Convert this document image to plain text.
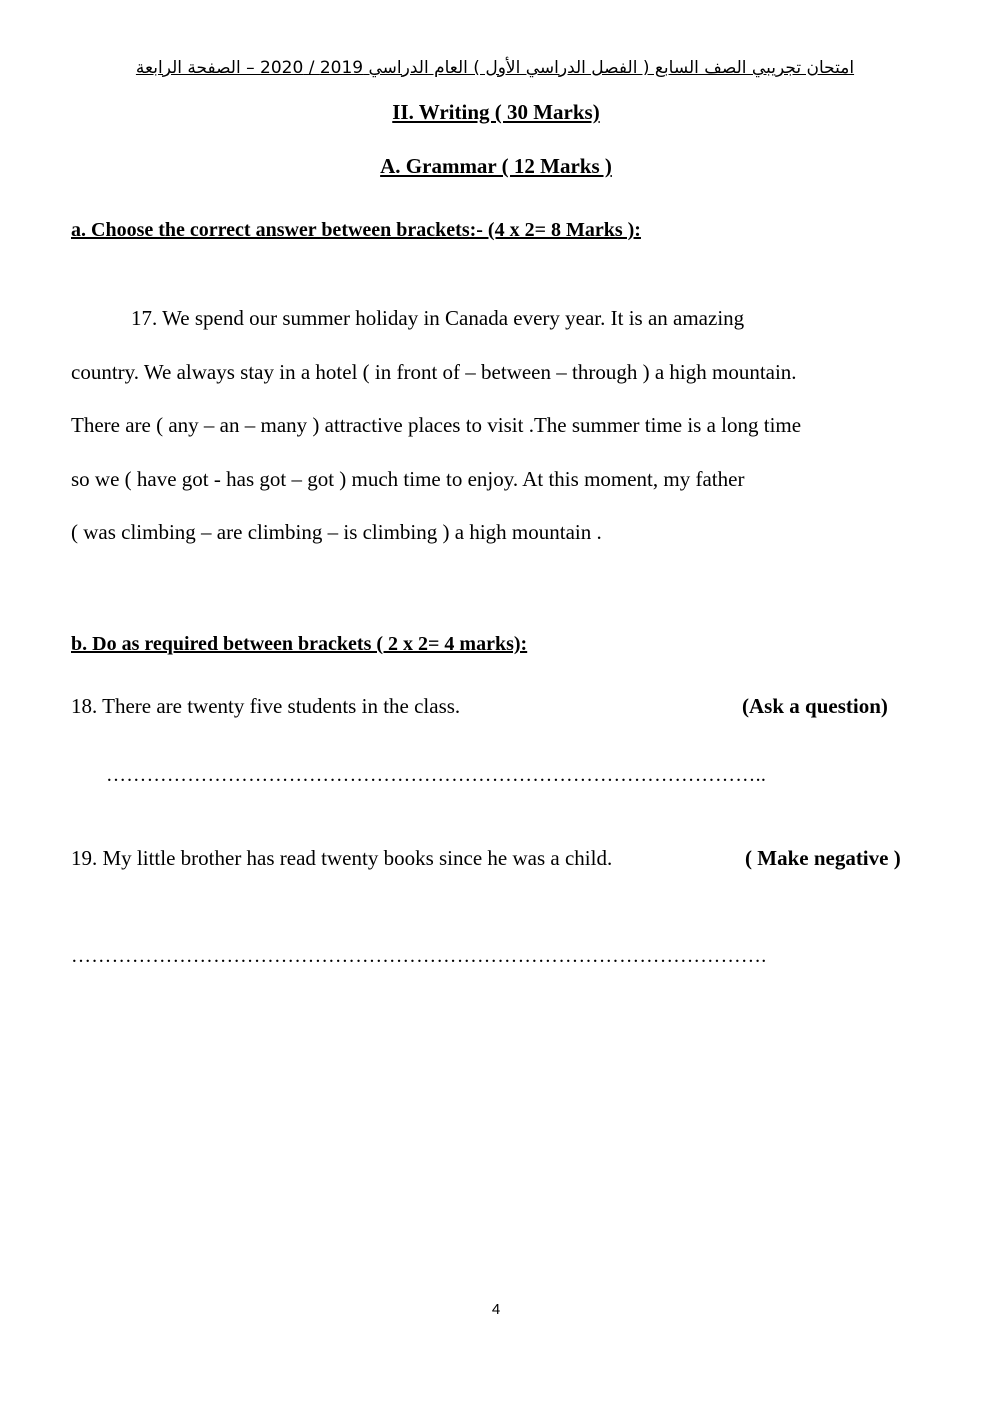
امتحان تجريبي الصف السابع ( الفصل الدراسي الأول ) العام الدراسي 2019 / 2020 – الصفحة الرابعة
II. Writing ( 30 Marks)
A. Grammar ( 12 Marks )
a. Choose the correct answer between brackets:- (4 x 2= 8 Marks ):
17. We spend our summer holiday in Canada every year. It is an amazing
country. We always stay in a hotel ( in front of – between – through ) a high mountain.
There are ( any – an – many ) attractive places to visit .The summer time is a long time
so we ( have got - has got – got ) much time to enjoy. At this moment, my father
( was climbing – are climbing – is climbing ) a high mountain .
b. Do as required between brackets ( 2 x 2= 4 marks):
18. There are twenty five students in the class.	(Ask a question)
……………………………………………………………………………………..
19. My little brother has read twenty books since he was a child.	( Make negative )
………………………………………………………………………………………….
4
